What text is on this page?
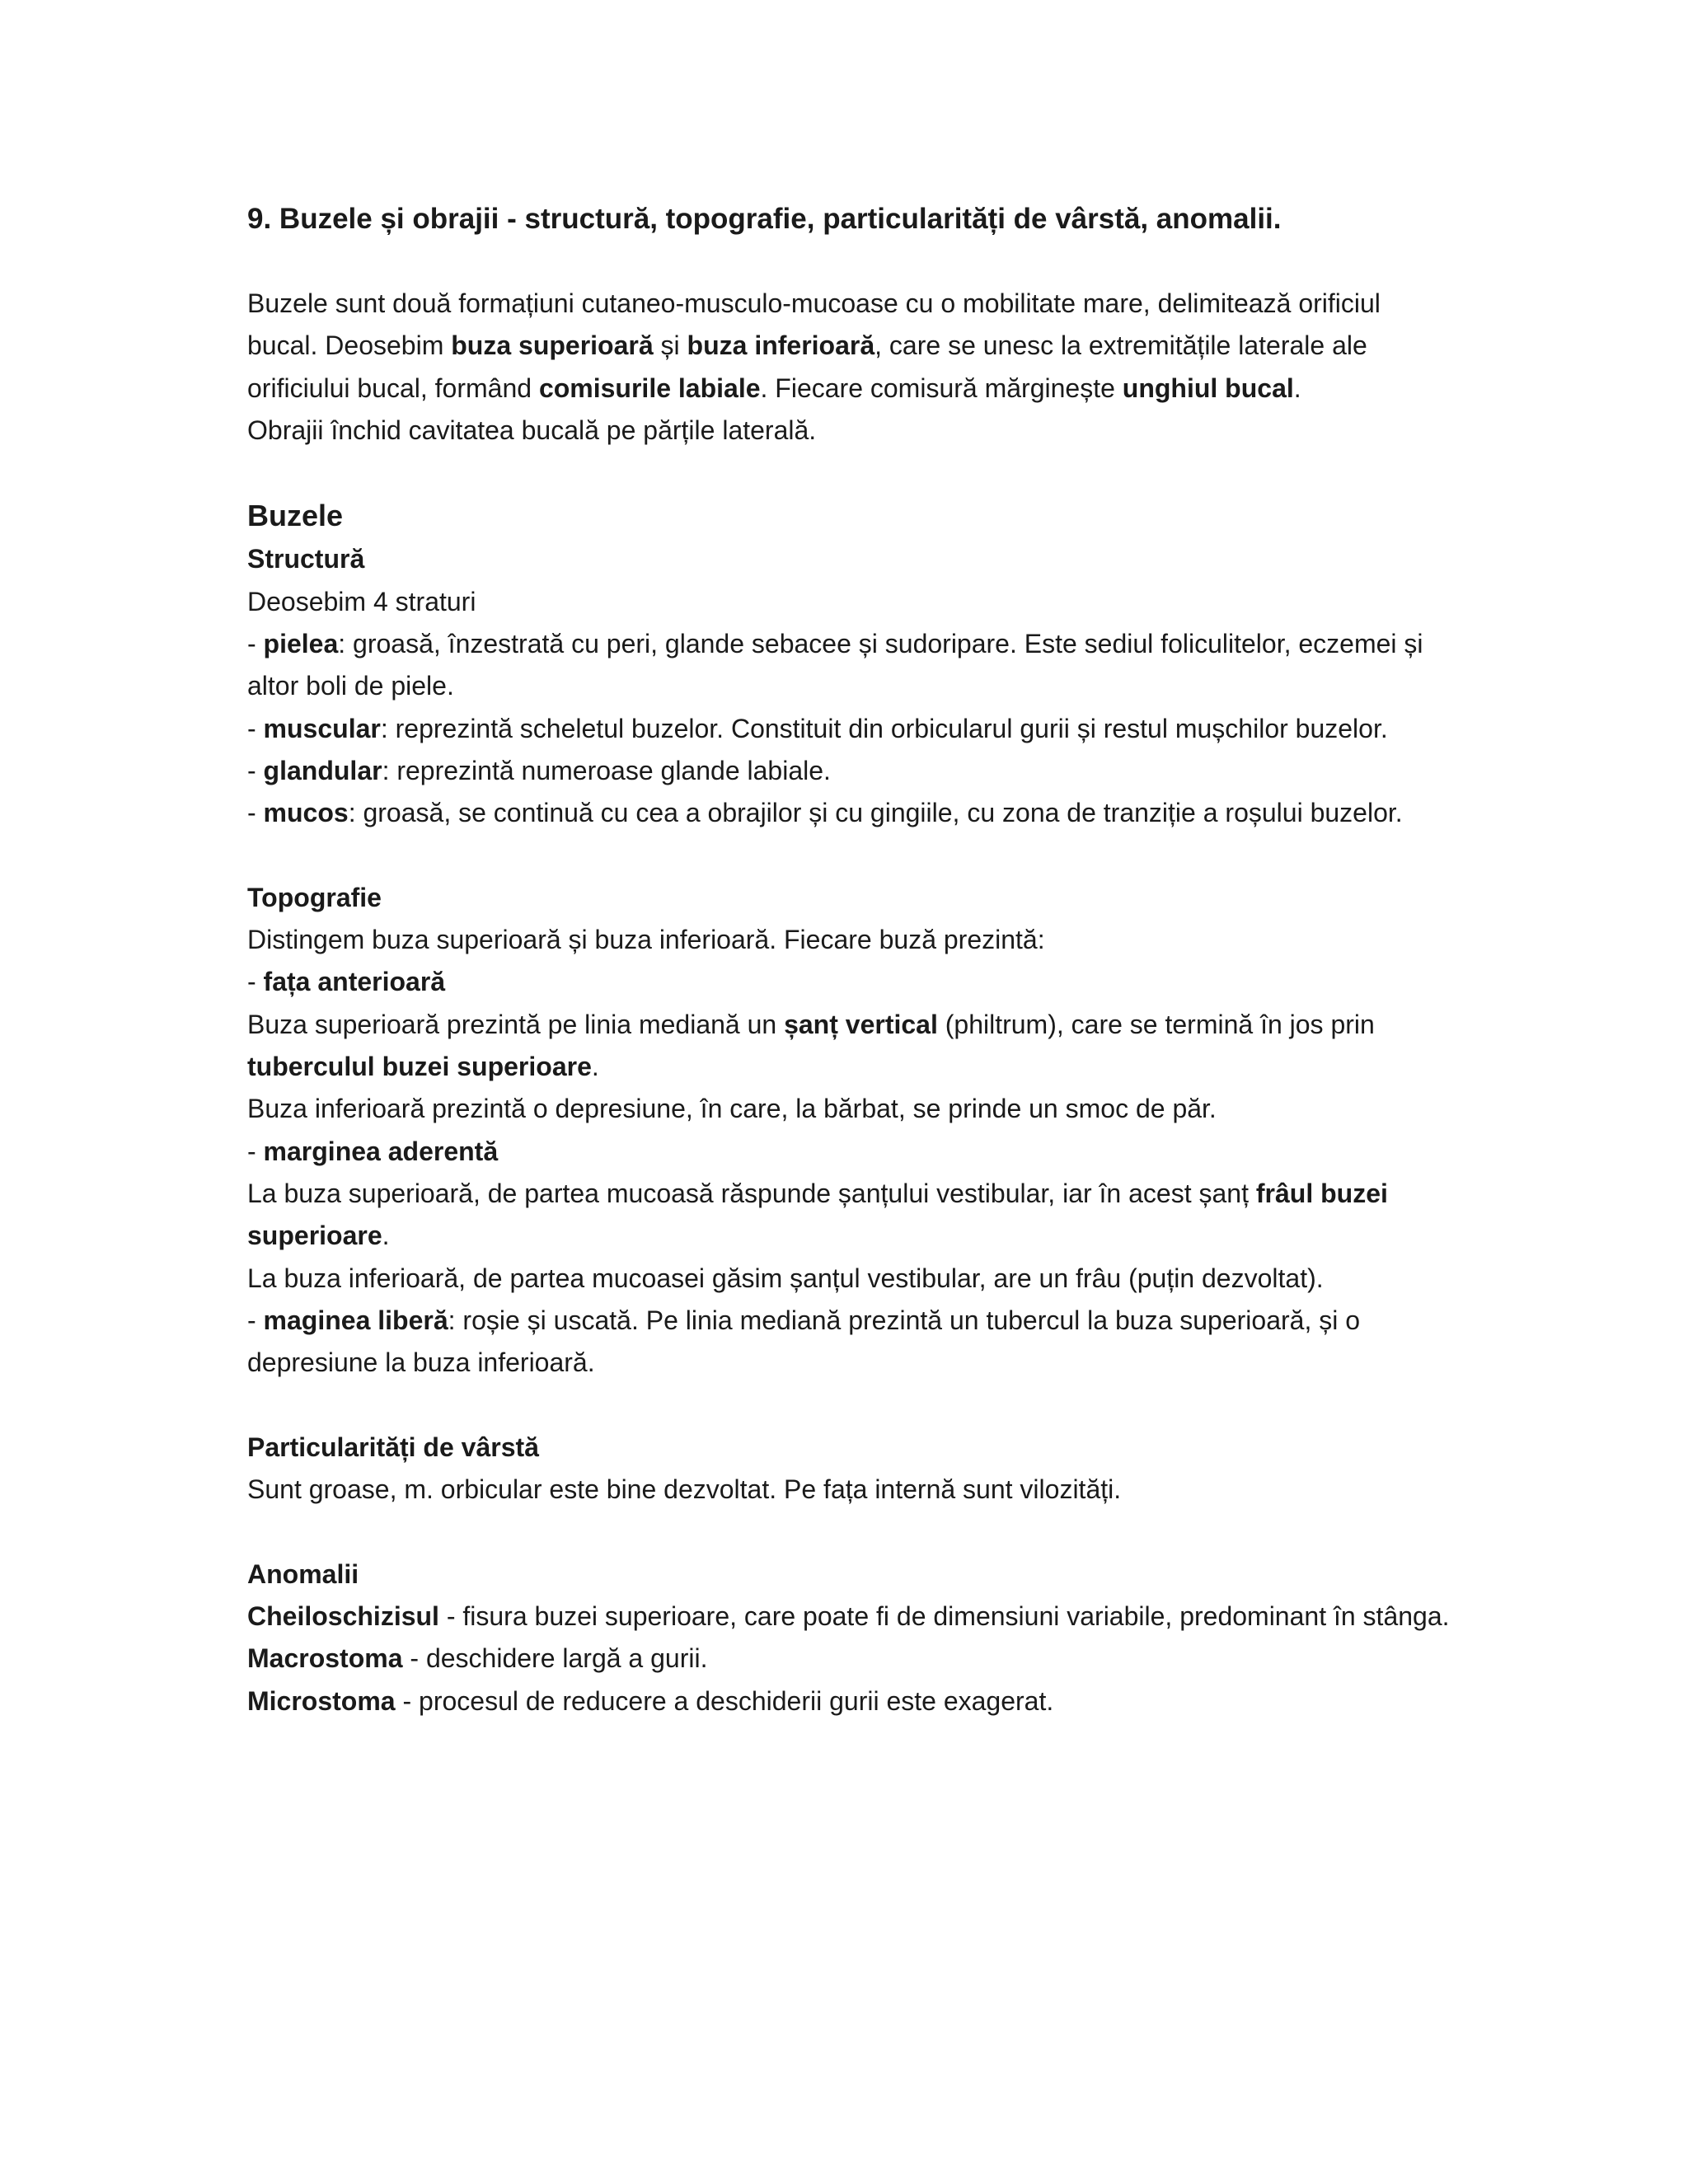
9. Buzele și obrajii - structură, topografie, particularități de vârstă, anomalii.

Buzele sunt două formațiuni cutaneo-musculo-mucoase cu o mobilitate mare, delimitează orificiul bucal. Deosebim buza superioară și buza inferioară, care se unesc la extremitățile laterale ale orificiului bucal, formând comisurile labiale. Fiecare comisură mărginește unghiul bucal.

Obrajii închid cavitatea bucală pe părțile laterală.

Buzele
Structură

Deosebim 4 straturi

- pielea: groasă, înzestrată cu peri, glande sebacee și sudoripare. Este sediul foliculitelor, eczemei și altor boli de piele.

- muscular: reprezintă scheletul buzelor. Constituit din orbicularul gurii și restul mușchilor buzelor.

- glandular: reprezintă numeroase glande labiale.

- mucos: groasă, se continuă cu cea a obrajilor și cu gingiile, cu zona de tranziție a roșului buzelor.

Topografie

Distingem buza superioară și buza inferioară. Fiecare buză prezintă:

- fața anterioară

Buza superioară prezintă pe linia mediană un șanț vertical (philtrum), care se termină în jos prin tuberculul buzei superioare.

Buza inferioară prezintă o depresiune, în care, la bărbat, se prinde un smoc de păr.

- marginea aderentă

La buza superioară, de partea mucoasă răspunde șanțului vestibular, iar în acest șanț frâul buzei superioare.

La buza inferioară, de partea mucoasei găsim șanțul vestibular, are un frâu (puțin dezvoltat).

- maginea liberă: roșie și uscată. Pe linia mediană prezintă un tubercul la buza superioară, și o depresiune la buza inferioară.

Particularități de vârstă

Sunt groase, m. orbicular este bine dezvoltat. Pe fața internă sunt vilozități.

Anomalii

Cheiloschizisul - fisura buzei superioare, care poate fi de dimensiuni variabile, predominant în stânga.

Macrostoma - deschidere largă a gurii.

Microstoma - procesul de reducere a deschiderii gurii este exagerat.
